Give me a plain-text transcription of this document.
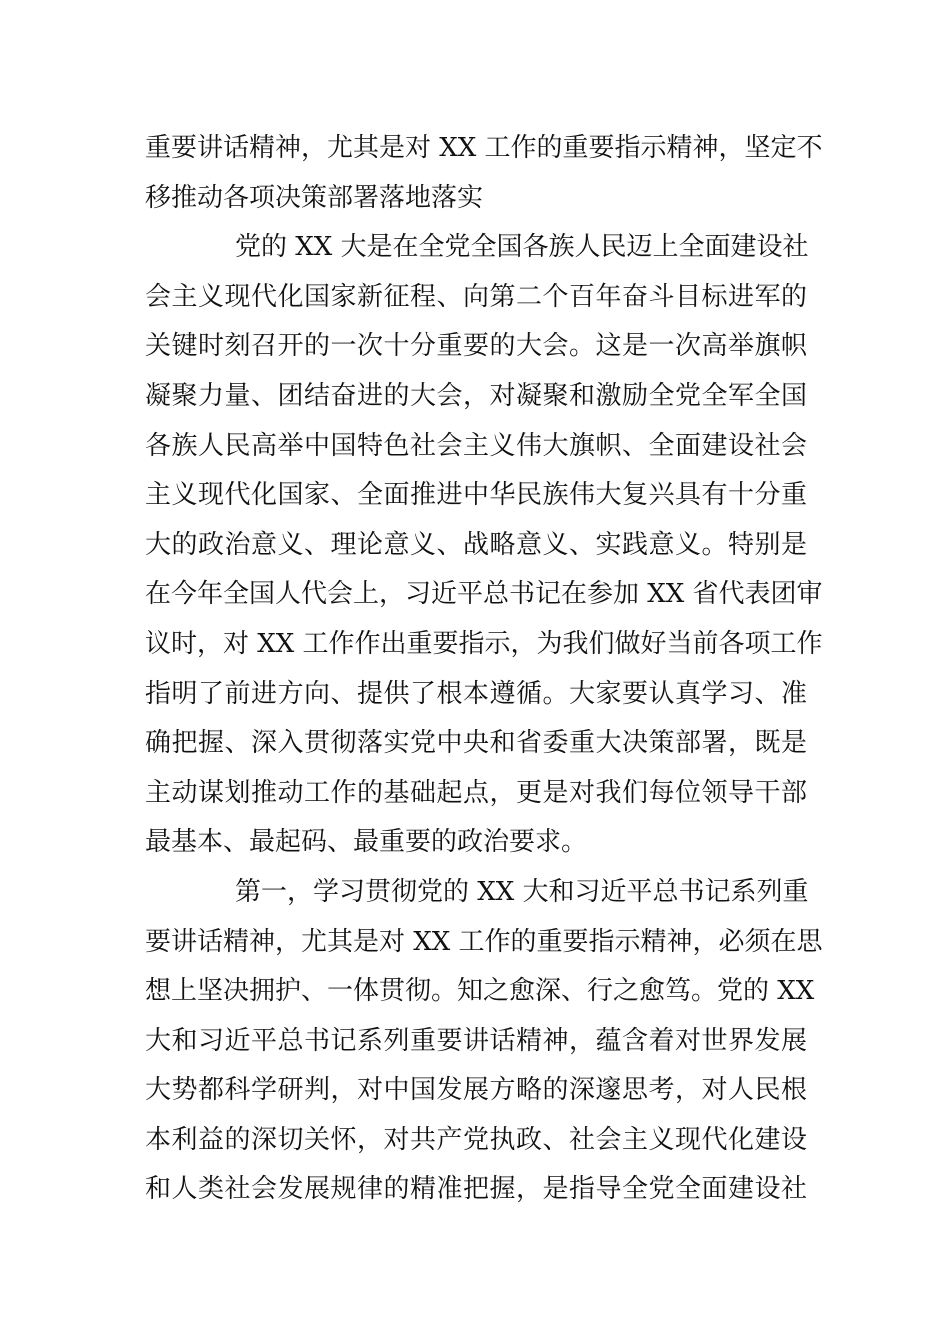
重要讲话精神，尤其是对 XX 工作的重要指示精神，坚定不
移推动各项决策部署落地落实
党的 XX 大是在全党全国各族人民迈上全面建设社
会主义现代化国家新征程、向第二个百年奋斗目标进军的
关键时刻召开的一次十分重要的大会。这是一次高举旗帜
凝聚力量、团结奋进的大会，对凝聚和激励全党全军全国
各族人民高举中国特色社会主义伟大旗帜、全面建设社会
主义现代化国家、全面推进中华民族伟大复兴具有十分重
大的政治意义、理论意义、战略意义、实践意义。特别是
在今年全国人代会上，习近平总书记在参加 XX 省代表团审
议时，对 XX 工作作出重要指示，为我们做好当前各项工作
指明了前进方向、提供了根本遵循。大家要认真学习、准
确把握、深入贯彻落实党中央和省委重大决策部署，既是
主动谋划推动工作的基础起点，更是对我们每位领导干部
最基本、最起码、最重要的政治要求。
第一，学习贯彻党的 XX 大和习近平总书记系列重
要讲话精神，尤其是对 XX 工作的重要指示精神，必须在思
想上坚决拥护、一体贯彻。知之愈深、行之愈笃。党的 XX
大和习近平总书记系列重要讲话精神，蕴含着对世界发展
大势都科学研判，对中国发展方略的深邃思考，对人民根
本利益的深切关怀，对共产党执政、社会主义现代化建设
和人类社会发展规律的精准把握，是指导全党全面建设社
